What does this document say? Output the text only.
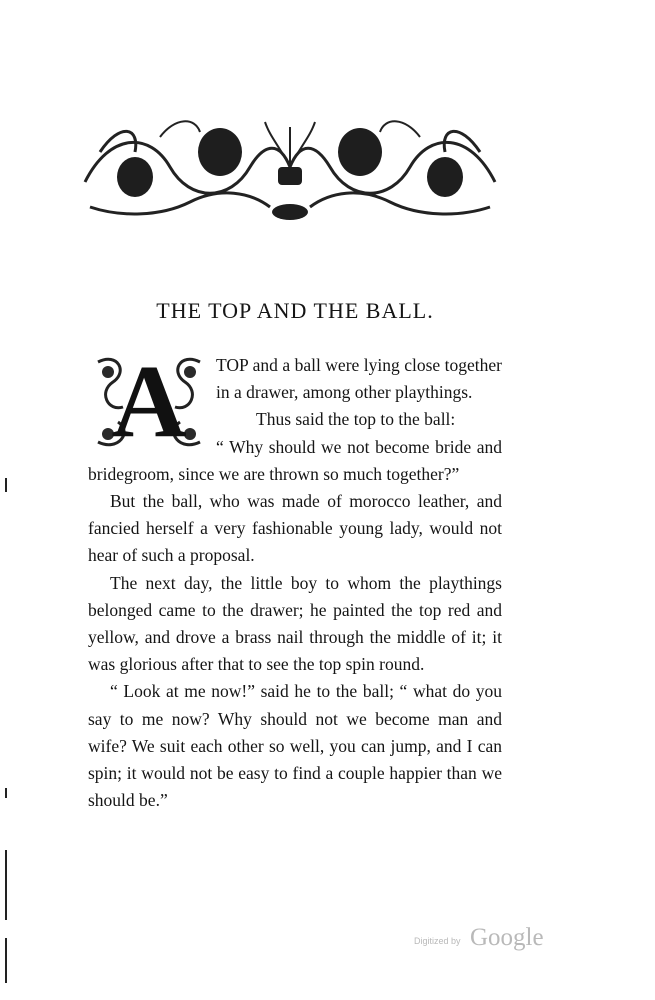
THE TOP AND THE BALL.
A	TOP and a ball were lying close together in a drawer, among other playthings.

Thus said the top to the ball:

“ Why should we not become bride and bridegroom, since we are thrown so much together?”

But the ball, who was made of morocco leather, and fancied herself a very fashionable young lady, would not hear of such a proposal.

The next day, the little boy to whom the playthings belonged came to the drawer; he painted the top red and yellow, and drove a brass nail through the middle of it; it was glorious after that to see the top spin round.

“ Look at me now!” said he to the ball; “ what do you say to me now? Why should not we become man and wife? We suit each other so well, you can jump, and I can spin; it would not be easy to find a couple happier than we should be.”

Digitized by Google
